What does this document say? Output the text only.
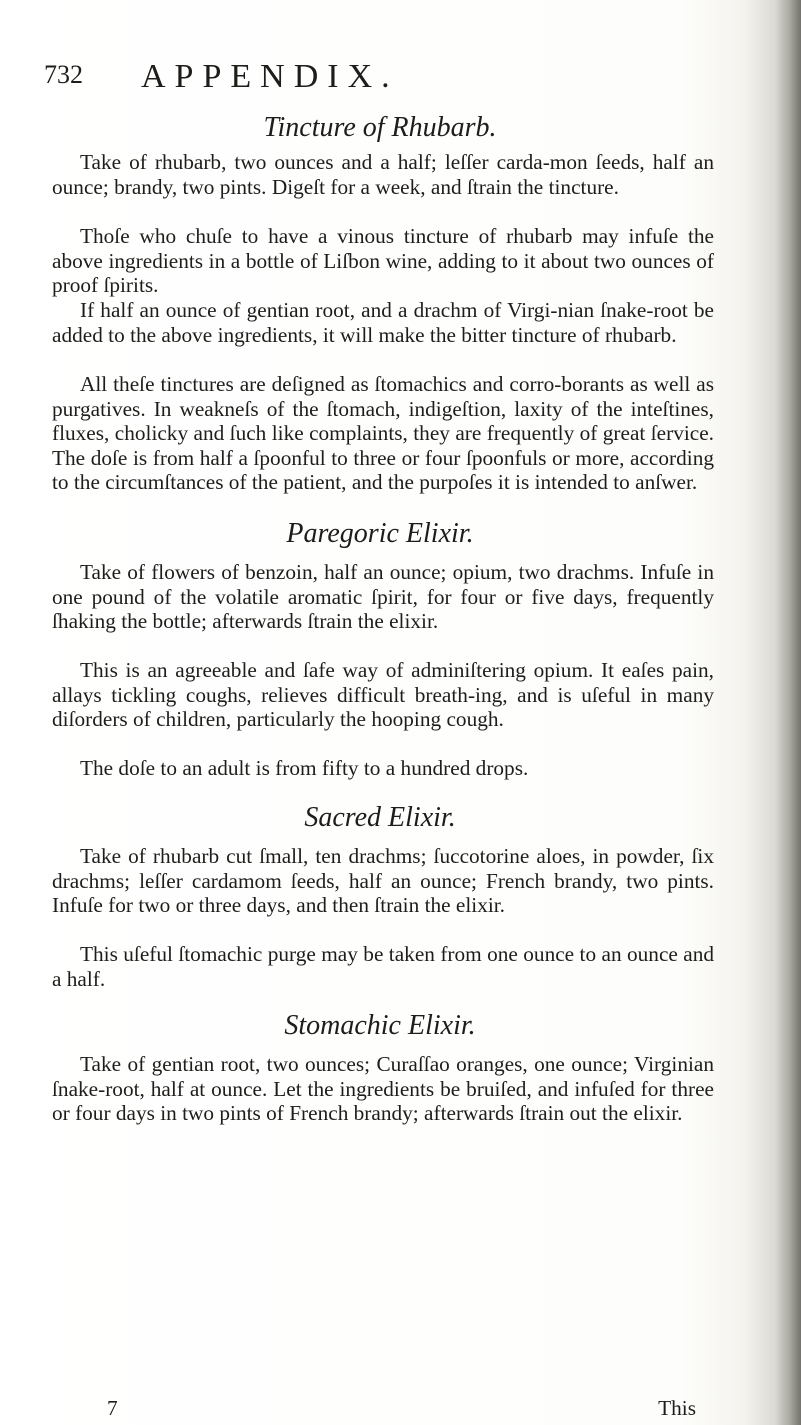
732 APPENDIX.
Tincture of Rhubarb.

Take of rhubarb, two ounces and a half; leſſer carda-mon ſeeds, half an ounce; brandy, two pints. Digeſt for a week, and ſtrain the tincture.

Thoſe who chuſe to have a vinous tincture of rhubarb may infuſe the above ingredients in a bottle of Liſbon wine, adding to it about two ounces of proof ſpirits.

If half an ounce of gentian root, and a drachm of Virgi-nian ſnake-root be added to the above ingredients, it will make the bitter tincture of rhubarb.

All theſe tinctures are deſigned as ſtomachics and corro-borants as well as purgatives. In weakneſs of the ſtomach, indigeſtion, laxity of the inteſtines, fluxes, cholicky and ſuch like complaints, they are frequently of great ſervice. The doſe is from half a ſpoonful to three or four ſpoonfuls or more, according to the circumſtances of the patient, and the purpoſes it is intended to anſwer.

Paregoric Elixir.

Take of flowers of benzoin, half an ounce; opium, two drachms. Infuſe in one pound of the volatile aromatic ſpirit, for four or five days, frequently ſhaking the bottle; afterwards ſtrain the elixir.

This is an agreeable and ſafe way of adminiſtering opium. It eaſes pain, allays tickling coughs, relieves difficult breath-ing, and is uſeful in many diſorders of children, particularly the hooping cough.

The doſe to an adult is from fifty to a hundred drops.

Sacred Elixir.

Take of rhubarb cut ſmall, ten drachms; ſuccotorine aloes, in powder, ſix drachms; leſſer cardamom ſeeds, half an ounce; French brandy, two pints. Infuſe for two or three days, and then ſtrain the elixir.

This uſeful ſtomachic purge may be taken from one ounce to an ounce and a half.

Stomachic Elixir.

Take of gentian root, two ounces; Curaſſao oranges, one ounce; Virginian ſnake-root, half at ounce. Let the ingredients be bruiſed, and infuſed for three or four days in two pints of French brandy; afterwards ſtrain out the elixir.

7	This
